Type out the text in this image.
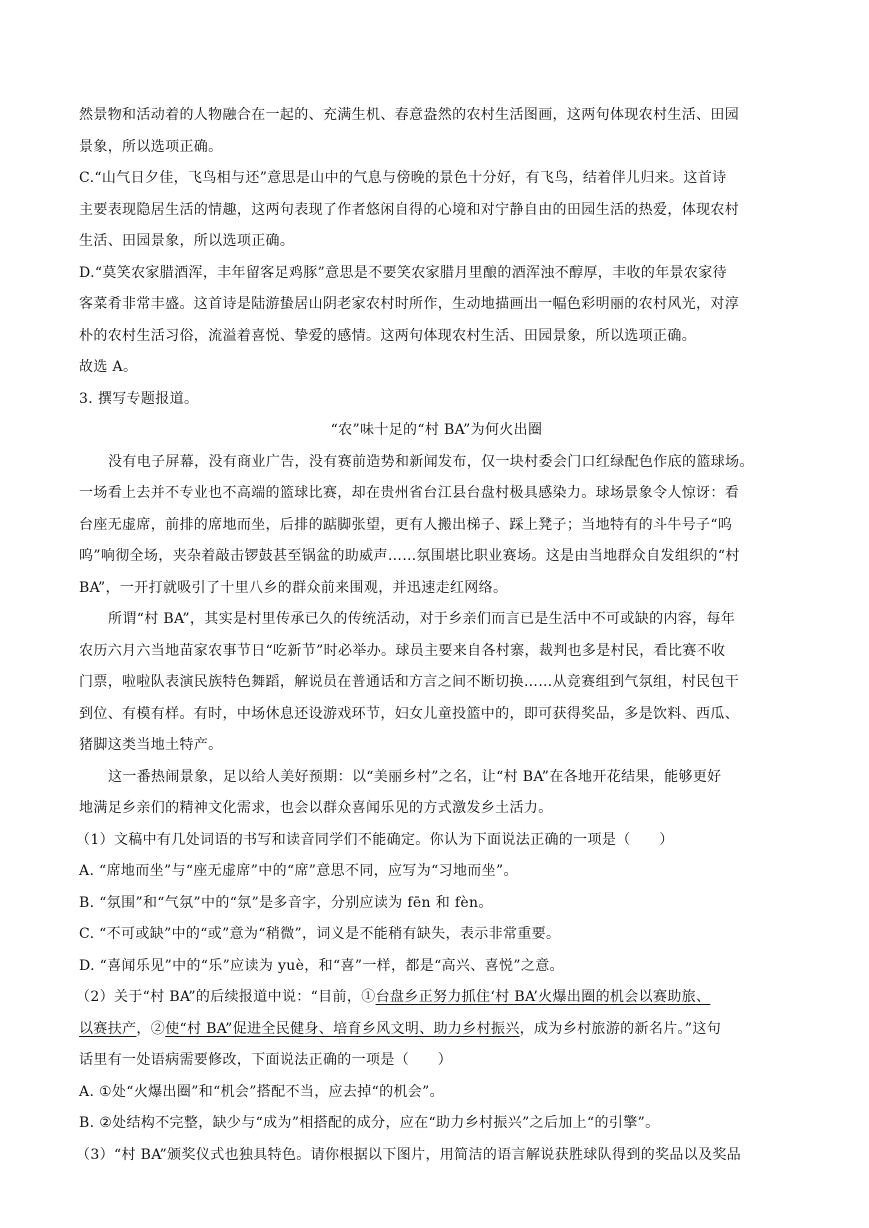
然景物和活动着的人物融合在一起的、充满生机、春意盎然的农村生活图画，这两句体现农村生活、田园
景象，所以选项正确。
C.“山气日夕佳，飞鸟相与还”意思是山中的气息与傍晚的景色十分好，有飞鸟，结着伴儿归来。这首诗
主要表现隐居生活的情趣，这两句表现了作者悠闲自得的心境和对宁静自由的田园生活的热爱，体现农村
生活、田园景象，所以选项正确。
D.“莫笑农家腊酒浑，丰年留客足鸡豚”意思是不要笑农家腊月里酿的酒浑浊不醇厚，丰收的年景农家待
客菜肴非常丰盛。这首诗是陆游蛰居山阴老家农村时所作，生动地描画出一幅色彩明丽的农村风光，对淳
朴的农村生活习俗，流溢着喜悦、挚爱的感情。这两句体现农村生活、田园景象，所以选项正确。
故选 A。
3. 撰写专题报道。
“农”味十足的“村 BA”为何火出圈
没有电子屏幕，没有商业广告，没有赛前造势和新闻发布，仅一块村委会门口红绿配色作底的篮球场。
一场看上去并不专业也不高端的篮球比赛，却在贵州省台江县台盘村极具感染力。球场景象令人惊讶：看
台座无虚席，前排的席地而坐，后排的踮脚张望，更有人搬出梯子、踩上凳子；当地特有的斗牛号子“呜
呜”响彻全场，夹杂着敲击锣鼓甚至锅盆的助威声……氛围堪比职业赛场。这是由当地群众自发组织的“村
BA”，一开打就吸引了十里八乡的群众前来围观，并迅速走红网络。
所谓“村 BA”，其实是村里传承已久的传统活动，对于乡亲们而言已是生活中不可或缺的内容，每年
农历六月六当地苗家农事节日“吃新节”时必举办。球员主要来自各村寨，裁判也多是村民，看比赛不收
门票，啦啦队表演民族特色舞蹈，解说员在普通话和方言之间不断切换……从竞赛组到气氛组，村民包干
到位、有模有样。有时，中场休息还设游戏环节，妇女儿童投篮中的，即可获得奖品，多是饮料、西瓜、
猪脚这类当地土特产。
这一番热闹景象，足以给人美好预期：以“美丽乡村”之名，让“村 BA”在各地开花结果，能够更好
地满足乡亲们的精神文化需求，也会以群众喜闻乐见的方式激发乡土活力。
（1）文稿中有几处词语的书写和读音同学们不能确定。你认为下面说法正确的一项是（　　）
A. “席地而坐”与“座无虚席”中的“席”意思不同，应写为“习地而坐”。
B. “氛围”和“气氛”中的“氛”是多音字，分别应读为 fēn 和 fèn。
C. “不可或缺”中的“或”意为“稍微”，词义是不能稍有缺失，表示非常重要。
D. “喜闻乐见”中的“乐”应读为 yuè，和“喜”一样，都是“高兴、喜悦”之意。
（2）关于“村 BA”的后续报道中说：“目前，①台盘乡正努力抓住‘村 BA’火爆出圈的机会以赛助旅、
以赛扶产，②使“村 BA”促进全民健身、培育乡风文明、助力乡村振兴，成为乡村旅游的新名片。”这句
话里有一处语病需要修改，下面说法正确的一项是（　　）
A. ①处“火爆出圈”和“机会”搭配不当，应去掉“的机会”。
B. ②处结构不完整，缺少与“成为”相搭配的成分，应在“助力乡村振兴”之后加上“的引擎”。
（3）“村 BA”颁奖仪式也独具特色。请你根据以下图片，用简洁的语言解说获胜球队得到的奖品以及奖品
